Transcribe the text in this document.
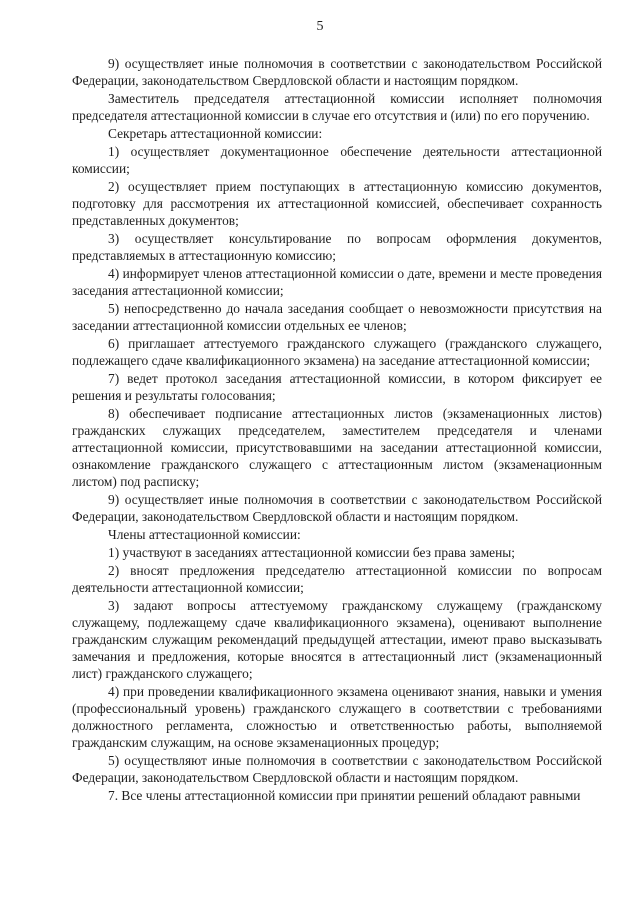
5

9) осуществляет иные полномочия в соответствии с законодательством Российской Федерации, законодательством Свердловской области и настоящим порядком.

Заместитель председателя аттестационной комиссии исполняет полномочия председателя аттестационной комиссии в случае его отсутствия и (или) по его поручению.

Секретарь аттестационной комиссии:

1) осуществляет документационное обеспечение деятельности аттестационной комиссии;

2) осуществляет прием поступающих в аттестационную комиссию документов, подготовку для рассмотрения их аттестационной комиссией, обеспечивает сохранность представленных документов;

3) осуществляет консультирование по вопросам оформления документов, представляемых в аттестационную комиссию;

4) информирует членов аттестационной комиссии о дате, времени и месте проведения заседания аттестационной комиссии;

5) непосредственно до начала заседания сообщает о невозможности присутствия на заседании аттестационной комиссии отдельных ее членов;

6) приглашает аттестуемого гражданского служащего (гражданского служащего, подлежащего сдаче квалификационного экзамена) на заседание аттестационной комиссии;

7) ведет протокол заседания аттестационной комиссии, в котором фиксирует ее решения и результаты голосования;

8) обеспечивает подписание аттестационных листов (экзаменационных листов) гражданских служащих председателем, заместителем председателя и членами аттестационной комиссии, присутствовавшими на заседании аттестационной комиссии, ознакомление гражданского служащего с аттестационным листом (экзаменационным листом) под расписку;

9) осуществляет иные полномочия в соответствии с законодательством Российской Федерации, законодательством Свердловской области и настоящим порядком.

Члены аттестационной комиссии:

1) участвуют в заседаниях аттестационной комиссии без права замены;

2) вносят предложения председателю аттестационной комиссии по вопросам деятельности аттестационной комиссии;

3) задают вопросы аттестуемому гражданскому служащему (гражданскому служащему, подлежащему сдаче квалификационного экзамена), оценивают выполнение гражданским служащим рекомендаций предыдущей аттестации, имеют право высказывать замечания и предложения, которые вносятся в аттестационный лист (экзаменационный лист) гражданского служащего;

4) при проведении квалификационного экзамена оценивают знания, навыки и умения (профессиональный уровень) гражданского служащего в соответствии с требованиями должностного регламента, сложностью и ответственностью работы, выполняемой гражданским служащим, на основе экзаменационных процедур;

5) осуществляют иные полномочия в соответствии с законодательством Российской Федерации, законодательством Свердловской области и настоящим порядком.

7. Все члены аттестационной комиссии при принятии решений обладают равными
